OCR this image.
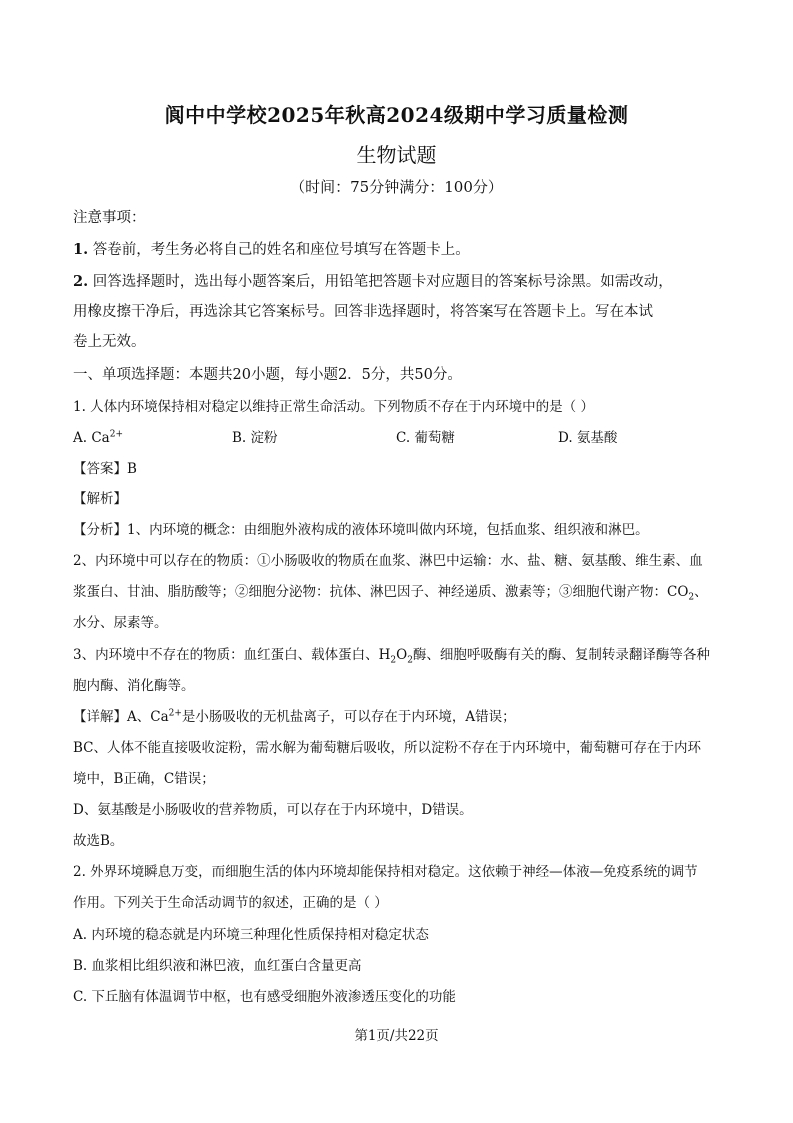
阆中中学校2025年秋高2024级期中学习质量检测
生物试题
（时间：75分钟满分：100分）
注意事项：
1. 答卷前，考生务必将自己的姓名和座位号填写在答题卡上。
2. 回答选择题时，选出每小题答案后，用铅笔把答题卡对应题目的答案标号涂黑。如需改动，
用橡皮擦干净后，再选涂其它答案标号。回答非选择题时，将答案写在答题卡上。写在本试
卷上无效。
一、单项选择题：本题共20小题，每小题2．5分，共50分。
1. 人体内环境保持相对稳定以维持正常生命活动。下列物质不存在于内环境中的是（ ）
A. $Ca^{2+}$	B. 淀粉	C. 葡萄糖	D. 氨基酸
【答案】B
【解析】
【分析】1、内环境的概念：由细胞外液构成的液体环境叫做内环境，包括血浆、组织液和淋巴。
2、内环境中可以存在的物质：①小肠吸收的物质在血浆、淋巴中运输：水、盐、糖、氨基酸、维生素、血
浆蛋白、甘油、脂肪酸等；②细胞分泌物：抗体、淋巴因子、神经递质、激素等；③细胞代谢产物：$CO_2$、
水分、尿素等。
3、内环境中不存在的物质：血红蛋白、载体蛋白、$H_2O_2$酶、细胞呼吸酶有关的酶、复制转录翻译酶等各种
胞内酶、消化酶等。
【详解】A、$Ca^{2+}$是小肠吸收的无机盐离子，可以存在于内环境，A错误；
BC、人体不能直接吸收淀粉，需水解为葡萄糖后吸收，所以淀粉不存在于内环境中，葡萄糖可存在于内环
境中，B正确，C错误；
D、氨基酸是小肠吸收的营养物质，可以存在于内环境中，D错误。
故选B。
2. 外界环境瞬息万变，而细胞生活的体内环境却能保持相对稳定。这依赖于神经—体液—免疫系统的调节
作用。下列关于生命活动调节的叙述，正确的是（ ）
A. 内环境的稳态就是内环境三种理化性质保持相对稳定状态
B. 血浆相比组织液和淋巴液，血红蛋白含量更高
C. 下丘脑有体温调节中枢，也有感受细胞外液渗透压变化的功能
第1页/共22页
